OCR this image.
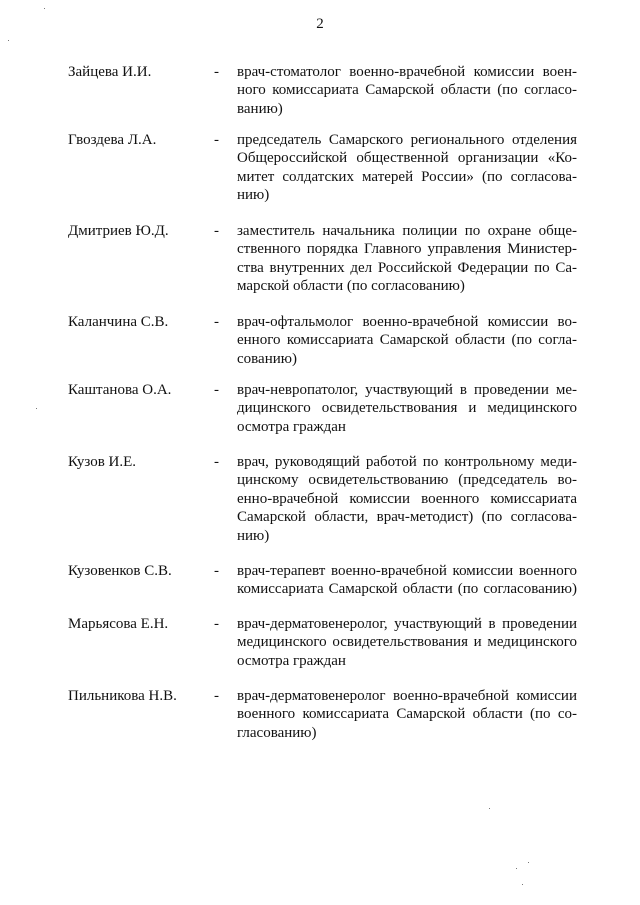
2
Зайцева И.И.	- врач-стоматолог военно-врачебной комиссии воен-
ного комиссариата Самарской области (по согласо-
ванию)
Гвоздева Л.А.	- председатель Самарского регионального отделения
Общероссийской общественной организации «Ко-
митет солдатских матерей России» (по согласова-
нию)
Дмитриев Ю.Д.	- заместитель начальника полиции по охране обще-
ственного порядка Главного управления Министер-
ства внутренних дел Российской Федерации по Са-
марской области (по согласованию)
Каланчина С.В.	- врач-офтальмолог военно-врачебной комиссии во-
енного комиссариата Самарской области (по согла-
сованию)
Каштанова О.А.	- врач-невропатолог, участвующий в проведении ме-
дицинского освидетельствования и медицинского
осмотра граждан
Кузов И.Е.	- врач, руководящий работой по контрольному меди-
цинскому освидетельствованию (председатель во-
енно-врачебной комиссии военного комиссариата
Самарской области, врач-методист) (по согласова-
нию)
Кузовенков С.В.	- врач-терапевт военно-врачебной комиссии военного
комиссариата Самарской области (по согласованию)
Марьясова Е.Н.	- врач-дерматовенеролог, участвующий в проведении
медицинского освидетельствования и медицинского
осмотра граждан
Пильникова Н.В. - врач-дерматовенеролог военно-врачебной комиссии
военного комиссариата Самарской области (по со-
гласованию)
